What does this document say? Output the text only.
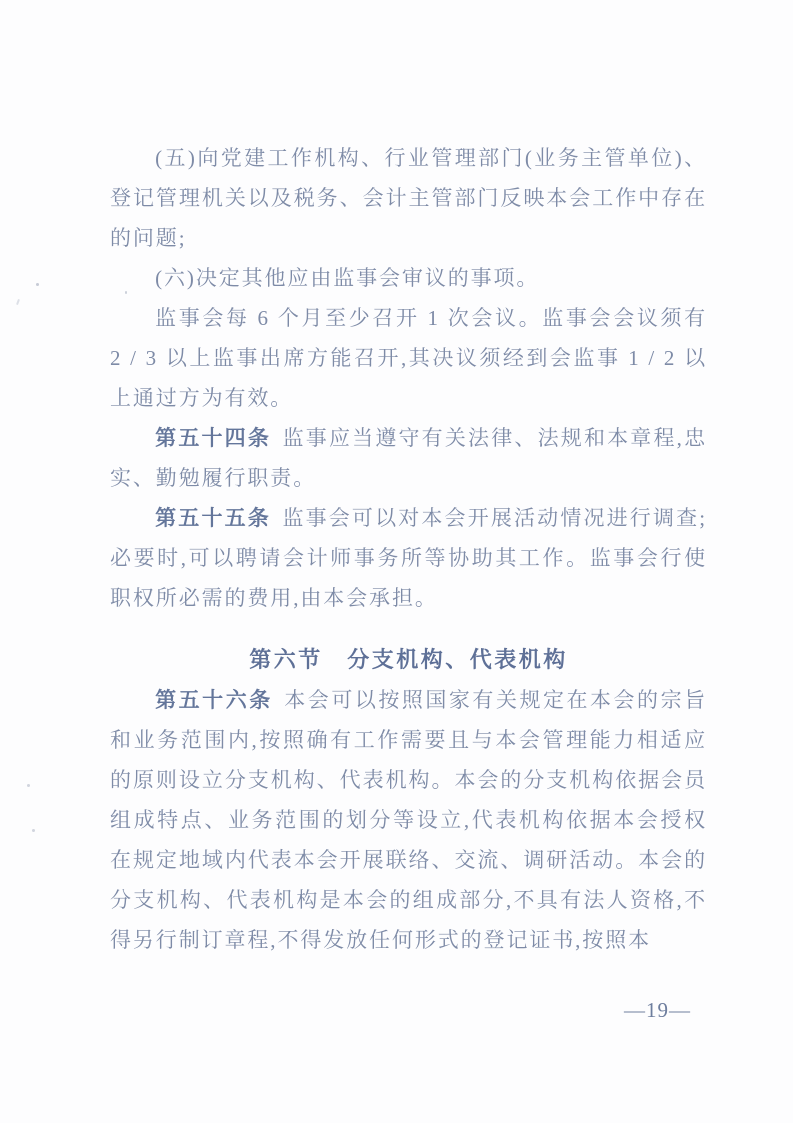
(五)向党建工作机构、行业管理部门(业务主管单位)、登记管理机关以及税务、会计主管部门反映本会工作中存在的问题;

(六)决定其他应由监事会审议的事项。

监事会每 6 个月至少召开 1 次会议。监事会会议须有 2 / 3 以上监事出席方能召开,其决议须经到会监事 1 / 2 以上通过方为有效。

第五十四条 监事应当遵守有关法律、法规和本章程,忠实、勤勉履行职责。

第五十五条 监事会可以对本会开展活动情况进行调查;必要时,可以聘请会计师事务所等协助其工作。监事会行使职权所必需的费用,由本会承担。

第六节　分支机构、代表机构

第五十六条 本会可以按照国家有关规定在本会的宗旨和业务范围内,按照确有工作需要且与本会管理能力相适应的原则设立分支机构、代表机构。本会的分支机构依据会员组成特点、业务范围的划分等设立,代表机构依据本会授权在规定地域内代表本会开展联络、交流、调研活动。本会的分支机构、代表机构是本会的组成部分,不具有法人资格,不得另行制订章程,不得发放任何形式的登记证书,按照本

—19—
